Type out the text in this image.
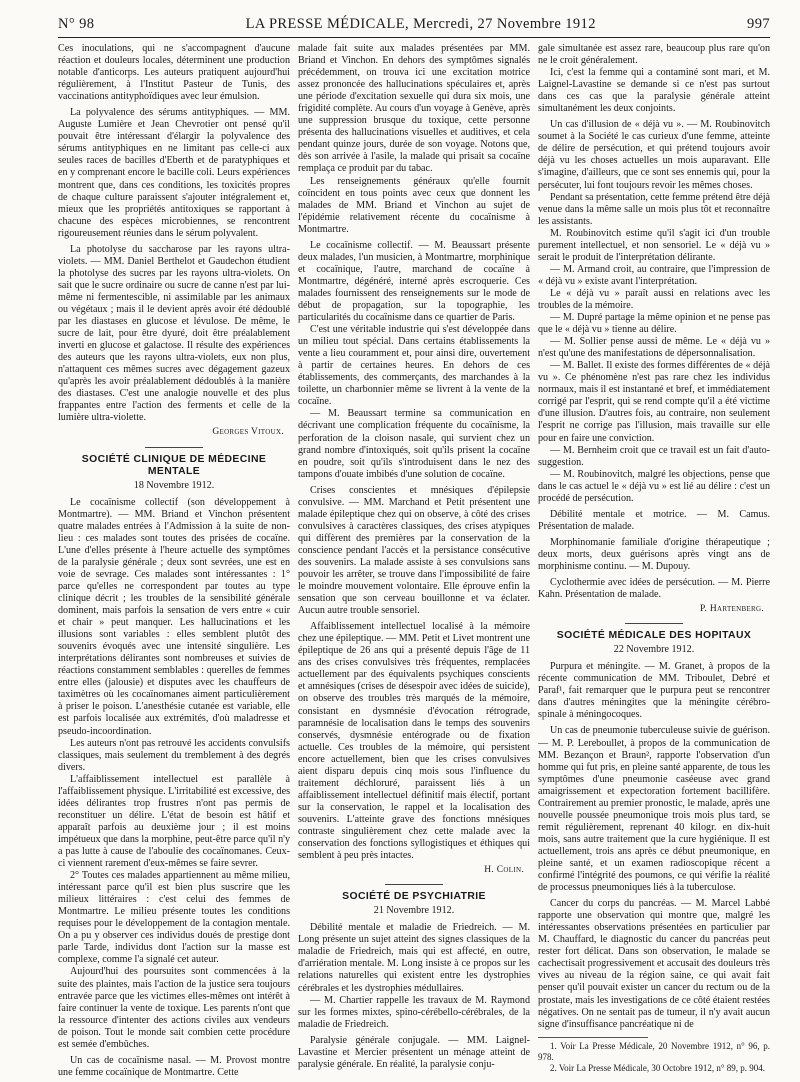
N° 98	LA PRESSE MÉDICALE, Mercredi, 27 Novembre 1912	997

Ces inoculations, qui ne s'accompagnent d'aucune réaction et douleurs locales, déterminent une production notable d'anticorps. Les auteurs pratiquent aujourd'hui régulièrement, à l'Institut Pasteur de Tunis, des vaccinations antityphoïdiques avec leur émulsion.

La polyvalence des sérums antityphiques. — MM. Auguste Lumière et Jean Chevrotier ont pensé qu'il pouvait être intéressant d'élargir la polyvalence des sérums antityphiques en ne limitant pas celle-ci aux seules races de bacilles d'Eberth et de paratyphiques et en y comprenant encore le bacille coli. Leurs expériences montrent que, dans ces conditions, les toxicités propres de chaque culture paraissent s'ajouter intégralement et, mieux que les propriétés antitoxiques se rapportant à chacune des espèces microbiennes, se rencontrent rigoureusement réunies dans le sérum polyvalent.

La photolyse du saccharose par les rayons ultra-violets. — MM. Daniel Berthelot et Gaudechon étudient la photolyse des sucres par les rayons ultra-violets. On sait que le sucre ordinaire ou sucre de canne n'est par lui-même ni fermentescible, ni assimilable par les animaux ou végétaux ; mais il le devient après avoir été dédoublé par les diastases en glucose et lévulose. De même, le sucre de lait, pour être dyuré, doit être préalablement inverti en glucose et galactose. Il résulte des expériences des auteurs que les rayons ultra-violets, eux non plus, n'attaquent ces mêmes sucres avec dégagement gazeux qu'après les avoir préalablement dédoublés à la manière des diastases. C'est une analogie nouvelle et des plus frappantes entre l'action des ferments et celle de la lumière ultra-violette.

Georges Vitoux.
SOCIÉTÉ CLINIQUE DE MÉDECINE MENTALE
18 Novembre 1912.

Le cocaïnisme collectif (son développement à Montmartre). — MM. Briand et Vinchon présentent quatre malades entrées à l'Admission à la suite de non-lieu : ces malades sont toutes des prisées de cocaïne. L'une d'elles présente à l'heure actuelle des symptômes de la paralysie générale ; deux sont sevrées, une est en voie de sevrage. Ces malades sont intéressantes : 1° parce qu'elles ne correspondent par toutes au type clinique décrit ; les troubles de la sensibilité générale dominent, mais parfois la sensation de vers entre « cuir et chair » peut manquer. Les hallucinations et les illusions sont variables : elles semblent plutôt des souvenirs évoqués avec une intensité singulière. Les interprétations délirantes sont nombreuses et suivies de réactions constamment semblables : querelles de femmes entre elles (jalousie) et disputes avec les chauffeurs de taximètres où les cocaïnomanes aiment particulièrement à priser le poison. L'anesthésie cutanée est variable, elle est parfois localisée aux extrémités, d'où maladresse et pseudo-incoordination.

Les auteurs n'ont pas retrouvé les accidents convulsifs classiques, mais seulement du tremblement à des degrés divers.

L'affaiblissement intellectuel est parallèle à l'affaiblissement physique. L'irritabilité est excessive, des idées délirantes trop frustres n'ont pas permis de reconstituer un délire. L'état de besoin est hâtif et apparaît parfois au deuxième jour ; il est moins impétueux que dans la morphine, peut-être parce qu'il n'y a pas lutte à cause de l'aboulie des cocaïnomanes. Ceux-ci viennent rarement d'eux-mêmes se faire sevrer.

2° Toutes ces malades appartiennent au même milieu, intéressant parce qu'il est bien plus suscrire que les milieux littéraires : c'est celui des femmes de Montmartre. Le milieu présente toutes les conditions requises pour le développement de la contagion mentale. On a pu y observer ces individus doués de prestige dont parle Tarde, individus dont l'action sur la masse est complexe, comme l'a signalé cet auteur.

Aujourd'hui des poursuites sont commencées à la suite des plaintes, mais l'action de la justice sera toujours entravée parce que les victimes elles-mêmes ont intérêt à faire continuer la vente de toxique. Les parents n'ont que la ressource d'intenter des actions civiles aux vendeurs de poison. Tout le monde sait combien cette procédure est semée d'embûches.

Un cas de cocaïnisme nasal. — M. Provost montre une femme cocaïnique de Montmartre. Cette

malade fait suite aux malades présentées par MM. Briand et Vinchon. En dehors des symptômes signalés précédemment, on trouva ici une excitation motrice assez prononcée des hallucinations spéculaires et, après une période d'excitation sexuelle qui dura six mois, une frigidité complète. Au cours d'un voyage à Genève, après une suppression brusque du toxique, cette personne présenta des hallucinations visuelles et auditives, et cela pendant quinze jours, durée de son voyage. Notons que, dès son arrivée à l'asile, la malade qui prisait sa cocaïne remplaça ce produit par du tabac.

Les renseignements généraux qu'elle fournit coïncident en tous points avec ceux que donnent les malades de MM. Briand et Vinchon au sujet de l'épidémie relativement récente du cocaïnisme à Montmartre.

Le cocaïnisme collectif. — M. Beaussart présente deux malades, l'un musicien, à Montmartre, morphinique et cocaïnique, l'autre, marchand de cocaïne à Montmartre, dégénéré, interné après escroquerie. Ces malades fournissent des renseignements sur le mode de début de propagation, sur la topographie, les particularités du cocaïnisme dans ce quartier de Paris.

C'est une véritable industrie qui s'est développée dans un milieu tout spécial. Dans certains établissements la vente a lieu couramment et, pour ainsi dire, ouvertement à partir de certaines heures. En dehors de ces établissements, des commerçants, des marchandes à la toilette, un charbonnier même se livrent à la vente de la cocaïne.

— M. Beaussart termine sa communication en décrivant une complication fréquente du cocaïnisme, la perforation de la cloison nasale, qui survient chez un grand nombre d'intoxiqués, soit qu'ils prisent la cocaïne en poudre, soit qu'ils s'introduisent dans le nez des tampons d'ouate imbibés d'une solution de cocaïne.

Crises conscientes et mnésiques d'épilepsie convulsive. — MM. Marchand et Petit présentent une malade épileptique chez qui on observe, à côté des crises convulsives à caractères classiques, des crises atypiques qui diffèrent des premières par la conservation de la conscience pendant l'accès et la persistance consécutive des souvenirs. La malade assiste à ses convulsions sans pouvoir les arrêter, se trouve dans l'impossibilité de faire le moindre mouvement volontaire. Elle éprouve enfin la sensation que son cerveau bouillonne et va éclater. Aucun autre trouble sensoriel.

Affaiblissement intellectuel localisé à la mémoire chez une épileptique. — MM. Petit et Livet montrent une épileptique de 26 ans qui a présenté depuis l'âge de 11 ans des crises convulsives très fréquentes, remplacées actuellement par des équivalents psychiques conscients et amnésiques (crises de désespoir avec idées de suicide), on observe des troubles très marqués de la mémoire, consistant en dysmnésie d'évocation rétrograde, paramnésie de localisation dans le temps des souvenirs conservés, dysmnésie entérograde ou de fixation actuelle. Ces troubles de la mémoire, qui persistent encore actuellement, bien que les crises convulsives aient disparu depuis cinq mois sous l'influence du traitement déchloruré, paraissent liés à un affaiblissement intellectuel définitif mais électif, portant sur la conservation, le rappel et la localisation des souvenirs. L'atteinte grave des fonctions mnésiques contraste singulièrement chez cette malade avec la conservation des fonctions syllogistiques et éthiques qui semblent à peu près intactes.

H. Colin.
SOCIÉTÉ DE PSYCHIATRIE
21 Novembre 1912.

Débilité mentale et maladie de Friedreich. — M. Long présente un sujet atteint des signes classiques de la maladie de Friedreich, mais qui est affecté, en outre, d'arriération mentale. M. Long insiste à ce propos sur les relations naturelles qui existent entre les dystrophies cérébrales et les dystrophies médullaires.

— M. Chartier rappelle les travaux de M. Raymond sur les formes mixtes, spino-cérébello-cérébrales, de la maladie de Friedreich.

Paralysie générale conjugale. — MM. Laignel-Lavastine et Mercier présentent un ménage atteint de paralysie générale. En réalité, la paralysie conju-

gale simultanée est assez rare, beaucoup plus rare qu'on ne le croit généralement.

Ici, c'est la femme qui a contaminé sont mari, et M. Laignel-Lavastine se demande si ce n'est pas surtout dans ces cas que la paralysie générale atteint simultanément les deux conjoints.

Un cas d'illusion de « déjà vu ». — M. Roubinovitch soumet à la Société le cas curieux d'une femme, atteinte de délire de persécution, et qui prétend toujours avoir déjà vu les choses actuelles un mois auparavant. Elle s'imagine, d'ailleurs, que ce sont ses ennemis qui, pour la persécuter, lui font toujours revoir les mêmes choses.

Pendant sa présentation, cette femme prétend être déjà venue dans la même salle un mois plus tôt et reconnaître les assistants.

M. Roubinovitch estime qu'il s'agit ici d'un trouble purement intellectuel, et non sensoriel. Le « déjà vu » serait le produit de l'interprétation délirante.

— M. Armand croit, au contraire, que l'impression de « déjà vu » existe avant l'interprétation.

Le « déjà vu » paraît aussi en relations avec les troubles de la mémoire.

— M. Dupré partage la même opinion et ne pense pas que le « déjà vu » tienne au délire.

— M. Sollier pense aussi de même. Le « déjà vu » n'est qu'une des manifestations de dépersonnalisation.

— M. Ballet. Il existe des formes différentes de « déjà vu ». Ce phénomène n'est pas rare chez les individus normaux, mais il est instantané et bref, et immédiatement corrigé par l'esprit, qui se rend compte qu'il a été victime d'une illusion. D'autres fois, au contraire, non seulement l'esprit ne corrige pas l'illusion, mais travaille sur elle pour en faire une conviction.

— M. Bernheim croit que ce travail est un fait d'auto-suggestion.

— M. Roubinovitch, malgré les objections, pense que dans le cas actuel le « déjà vu » est lié au délire : c'est un procédé de persécution.

Débilité mentale et motrice. — M. Camus. Présentation de malade.

Morphinomanie familiale d'origine thérapeutique ; deux morts, deux guérisons après vingt ans de morphinisme continu. — M. Dupouy.

Cyclothermie avec idées de persécution. — M. Pierre Kahn. Présentation de malade.

P. Hartenberg.
SOCIÉTÉ MÉDICALE DES HOPITAUX
22 Novembre 1912.

Purpura et méningite. — M. Granet, à propos de la récente communication de MM. Triboulet, Debré et Paraf¹, fait remarquer que le purpura peut se rencontrer dans d'autres méningites que la méningite cérébro-spinale à méningocoques.

Un cas de pneumonie tuberculeuse suivie de guérison. — M. P. Lereboullet, à propos de la communication de MM. Bezançon et Braun², rapporte l'observation d'un homme qui fut pris, en pleine santé apparente, de tous les symptômes d'une pneumonie caséeuse avec grand amaigrissement et expectoration fortement bacillifère. Contrairement au premier pronostic, le malade, après une nouvelle poussée pneumonique trois mois plus tard, se remit régulièrement, reprenant 40 kilogr. en dix-huit mois, sans autre traitement que la cure hygiénique. Il est actuellement, trois ans après ce début pneumonique, en pleine santé, et un examen radioscopique récent a confirmé l'intégrité des poumons, ce qui vérifie la réalité de processus pneumoniques liés à la tuberculose.

Cancer du corps du pancréas. — M. Marcel Labbé rapporte une observation qui montre que, malgré les intéressantes observations présentées en particulier par M. Chauffard, le diagnostic du cancer du pancréas peut rester fort délicat. Dans son observation, le malade se cachectisait progressivement et accusait des douleurs très vives au niveau de la région saine, ce qui avait fait penser qu'il pouvait exister un cancer du rectum ou de la prostate, mais les investigations de ce côté étaient restées négatives. On ne sentait pas de tumeur, il n'y avait aucun signe d'insuffisance pancréatique ni de

1. Voir La Presse Médicale, 20 Novembre 1912, n° 96, p. 978.

2. Voir La Presse Médicale, 30 Octobre 1912, n° 89, p. 904.
